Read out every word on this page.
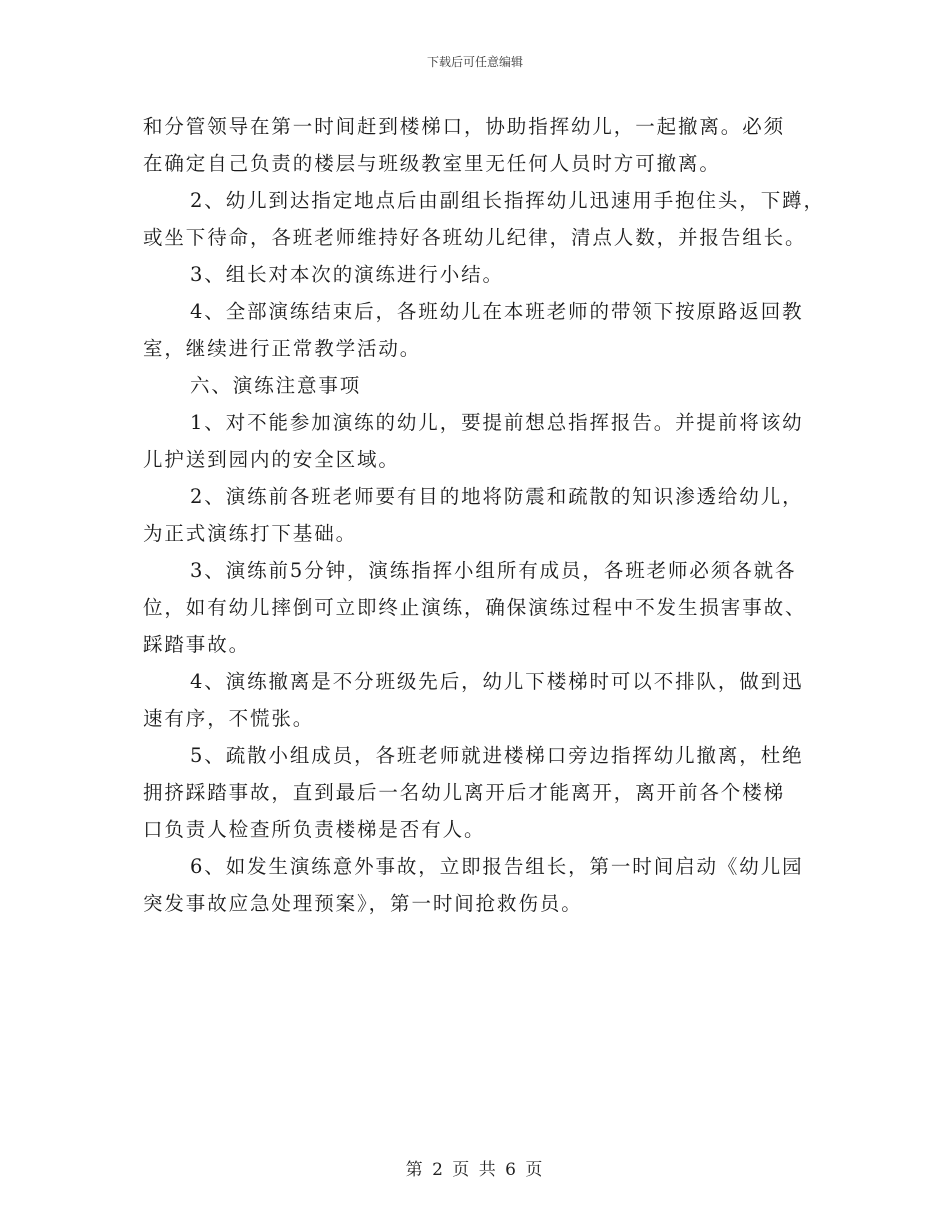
下载后可任意编辑
和分管领导在第一时间赶到楼梯口，协助指挥幼儿，一起撤离。必须
在确定自己负责的楼层与班级教室里无任何人员时方可撤离。
2、幼儿到达指定地点后由副组长指挥幼儿迅速用手抱住头，下蹲，
或坐下待命，各班老师维持好各班幼儿纪律，清点人数，并报告组长。
3、组长对本次的演练进行小结。
4、全部演练结束后，各班幼儿在本班老师的带领下按原路返回教
室，继续进行正常教学活动。
六、演练注意事项
1、对不能参加演练的幼儿，要提前想总指挥报告。并提前将该幼
儿护送到园内的安全区域。
2、演练前各班老师要有目的地将防震和疏散的知识渗透给幼儿，
为正式演练打下基础。
3、演练前5分钟，演练指挥小组所有成员，各班老师必须各就各
位，如有幼儿摔倒可立即终止演练，确保演练过程中不发生损害事故、
踩踏事故。
4、演练撤离是不分班级先后，幼儿下楼梯时可以不排队，做到迅
速有序，不慌张。
5、疏散小组成员，各班老师就进楼梯口旁边指挥幼儿撤离，杜绝
拥挤踩踏事故，直到最后一名幼儿离开后才能离开，离开前各个楼梯
口负责人检查所负责楼梯是否有人。
6、如发生演练意外事故，立即报告组长，第一时间启动《幼儿园
突发事故应急处理预案》，第一时间抢救伤员。
第 2 页 共 6 页
